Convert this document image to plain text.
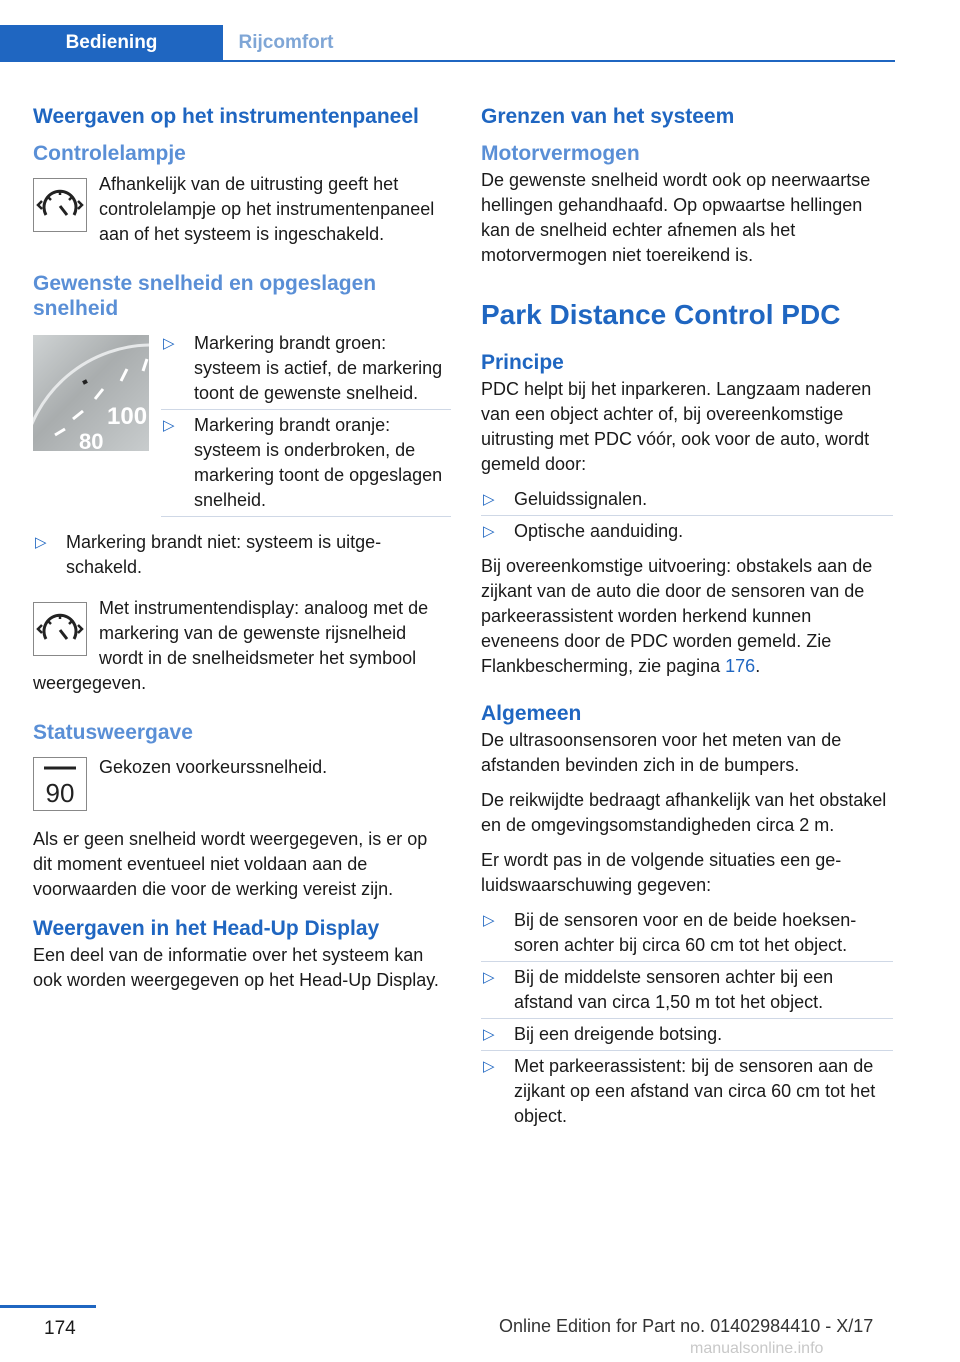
Bediening	Rijcomfort
Weergaven op het instrumentenpaneel
Controlelampje

Afhankelijk van de uitrusting geeft het controlelampje op het instrumentenpaneel aan of het systeem is ingeschakeld.

Gewenste snelheid en opgeslagen snelheid
100
80
▷ Markering brandt groen: systeem is actief, de markering toont de gewenste snelheid.
▷ Markering brandt oranje: systeem is onderbroken, de markering toont de opgeslagen snelheid.
▷ Markering brandt niet: systeem is uitgeschakeld.

Met instrumentendisplay: analoog met de markering van de gewenste rijsnelheid wordt in de snelheidsmeter het symbool weergegeven.

Statusweergave
90

Gekozen voorkeurssnelheid.

Als er geen snelheid wordt weergegeven, is er op dit moment eventueel niet voldaan aan de voorwaarden die voor de werking vereist zijn.

Weergaven in het Head-Up Display

Een deel van de informatie over het systeem kan ook worden weergegeven op het Head-Up Display.

Grenzen van het systeem
Motorvermogen

De gewenste snelheid wordt ook op neerwaartse hellingen gehandhaafd. Op opwaartse hellingen kan de snelheid echter afnemen als het motorvermogen niet toereikend is.

Park Distance Control PDC
Principe

PDC helpt bij het inparkeren. Langzaam naderen van een object achter of, bij overeenkomstige uitrusting met PDC vóór, ook voor de auto, wordt gemeld door:

▷ Geluidssignalen.
▷ Optische aanduiding.

Bij overeenkomstige uitvoering: obstakels aan de zijkant van de auto die door de sensoren van de parkeerassistent worden herkend kunnen eveneens door de PDC worden gemeld. Zie Flankbescherming, zie pagina 176.

Algemeen

De ultrasoonsensoren voor het meten van de afstanden bevinden zich in de bumpers.

De reikwijdte bedraagt afhankelijk van het obstakel en de omgevingsomstandigheden circa 2 m.

Er wordt pas in de volgende situaties een geluidswaarschuwing gegeven:

▷ Bij de sensoren voor en de beide hoeksensoren achter bij circa 60 cm tot het object.
▷ Bij de middelste sensoren achter bij een afstand van circa 1,50 m tot het object.
▷ Bij een dreigende botsing.
▷ Met parkeerassistent: bij de sensoren aan de zijkant op een afstand van circa 60 cm tot het object.
174	Online Edition for Part no. 01402984410 - X/17
manualsonline.info
